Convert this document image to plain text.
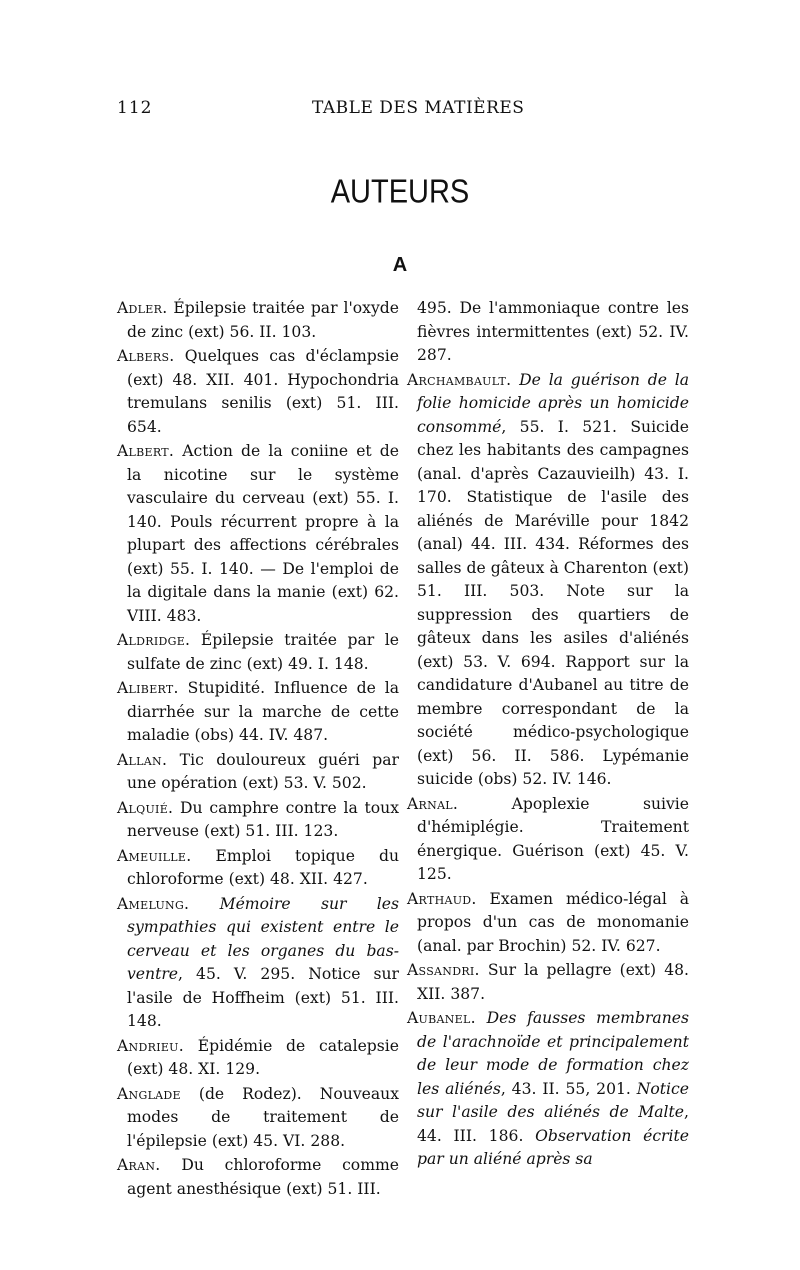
112	TABLE DES MATIÈRES
AUTEURS
A

Adler. Épilepsie traitée par l'oxyde de zinc (ext) 56. II. 103.

Albers. Quelques cas d'éclampsie (ext) 48. XII. 401. Hypochondria tremulans senilis (ext) 51. III. 654.

Albert. Action de la coniine et de la nicotine sur le système vasculaire du cerveau (ext) 55. I. 140. Pouls récurrent propre à la plupart des affections cérébrales (ext) 55. I. 140. — De l'emploi de la digitale dans la manie (ext) 62. VIII. 483.

Aldridge. Épilepsie traitée par le sulfate de zinc (ext) 49. I. 148.

Alibert. Stupidité. Influence de la diarrhée sur la marche de cette maladie (obs) 44. IV. 487.

Allan. Tic douloureux guéri par une opération (ext) 53. V. 502.

Alquié. Du camphre contre la toux nerveuse (ext) 51. III. 123.

Ameuille. Emploi topique du chloroforme (ext) 48. XII. 427.

Amelung. Mémoire sur les sympathies qui existent entre le cerveau et les organes du bas-ventre, 45. V. 295. Notice sur l'asile de Hoffheim (ext) 51. III. 148.

Andrieu. Épidémie de catalepsie (ext) 48. XI. 129.

Anglade (de Rodez). Nouveaux modes de traitement de l'épilepsie (ext) 45. VI. 288.

Aran. Du chloroforme comme agent anesthésique (ext) 51. III.

495. De l'ammoniaque contre les fièvres intermittentes (ext) 52. IV. 287.

Archambault. De la guérison de la folie homicide après un homicide consommé, 55. I. 521. Suicide chez les habitants des campagnes (anal. d'après Cazauvieilh) 43. I. 170. Statistique de l'asile des aliénés de Maréville pour 1842 (anal) 44. III. 434. Réformes des salles de gâteux à Charenton (ext) 51. III. 503. Note sur la suppression des quartiers de gâteux dans les asiles d'aliénés (ext) 53. V. 694. Rapport sur la candidature d'Aubanel au titre de membre correspondant de la société médico-psychologique (ext) 56. II. 586. Lypémanie suicide (obs) 52. IV. 146.

Arnal. Apoplexie suivie d'hémiplégie. Traitement énergique. Guérison (ext) 45. V. 125.

Arthaud. Examen médico-légal à propos d'un cas de monomanie (anal. par Brochin) 52. IV. 627.

Assandri. Sur la pellagre (ext) 48. XII. 387.

Aubanel. Des fausses membranes de l'arachnoïde et principalement de leur mode de formation chez les aliénés, 43. II. 55, 201. Notice sur l'asile des aliénés de Malte, 44. III. 186. Observation écrite par un aliéné après sa
